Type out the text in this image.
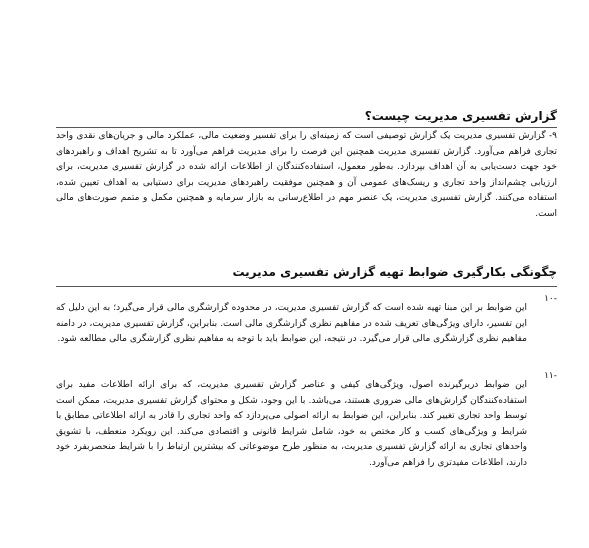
گزارش تفسیری مدیریت چیست؟

۹- گزارش تفسیری مدیریت یک گزارش توصیفی است که زمینه‌ای را برای تفسیر وضعیت مالی، عملکرد مالی و جریان‌های نقدی واحد تجاری فراهم می‌آورد. گزارش تفسیری مدیریت همچنین این فرصت را برای مدیریت فراهم می‌آورد تا به تشریح اهداف و راهبردهای خود جهت دست‌یابی به آن اهداف بپردازد. به‌طور معمول، استفاده‌کنندگان از اطلاعات ارائه شده در گزارش تفسیری مدیریت، برای ارزیابی چشم‌انداز واحد تجاری و ریسک‌های عمومی آن و همچنین موفقیت راهبردهای مدیریت برای دستیابی به اهداف تعیین شده، استفاده می‌کنند. گزارش تفسیری مدیریت، یک عنصر مهم در اطلاع‌رسانی به بازار سرمایه و همچنین مکمل و متمم صورت‌های مالی است.

چگونگی بکارگیری ضوابط تهیه گزارش تفسیری مدیریت
-۱۰

این ضوابط بر این مبنا تهیه شده است که گزارش تفسیری مدیریت، در محدوده گزارشگری مالی قرار می‌گیرد؛ به این دلیل که این تفسیر، دارای ویژگی‌های تعریف شده در مفاهیم نظری گزارشگری مالی است. بنابراین، گزارش تفسیری مدیریت، در دامنه مفاهیم نظری گزارشگری مالی قرار می‌گیرد. در نتیجه، این ضوابط باید با توجه به مفاهیم نظری گزارشگری مالی مطالعه شود.

-۱۱

این ضوابط دربرگیرنده اصول، ویژگی‌های کیفی و عناصر گزارش تفسیری مدیریت، که برای ارائه اطلاعات مفید برای استفاده‌کنندگان گزارش‌های مالی ضروری هستند، می‌باشد. با این وجود، شکل و محتوای گزارش تفسیری مدیریت، ممکن است توسط واحد تجاری تغییر کند. بنابراین، این ضوابط به ارائه اصولی می‌پردازد که واحد تجاری را قادر به ارائه اطلاعاتی مطابق با شرایط و ویژگی‌های کسب و کار مختص به خود، شامل شرایط قانونی و اقتصادی می‌کند. این رویکرد منعطف، با تشویق واحدهای تجاری به ارائه گزارش تفسیری مدیریت، به منظور طرح موضوعاتی که بیشترین ارتباط را با شرایط منحصربفرد خود دارند، اطلاعات مفیدتری را فراهم می‌آورد.
